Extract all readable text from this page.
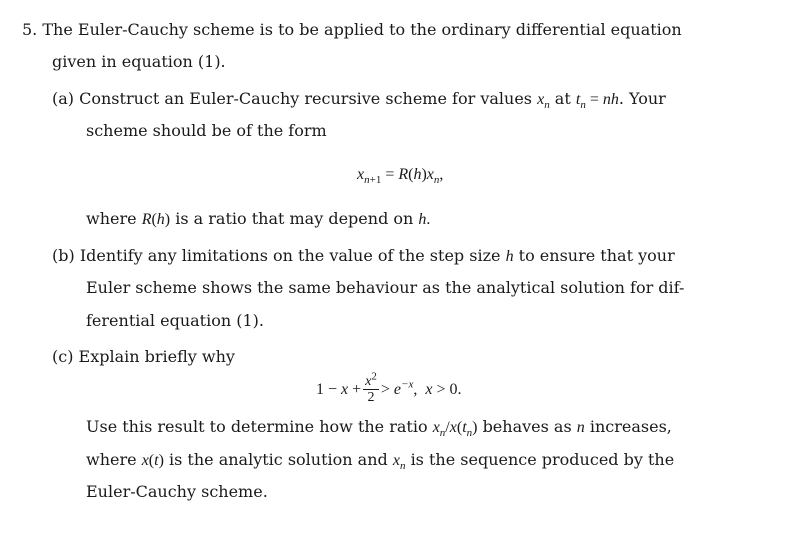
5. The Euler-Cauchy scheme is to be applied to the ordinary differential equation
given in equation (1).
(a) Construct an Euler-Cauchy recursive scheme for values $x_n$ at $t_n$ = nh. Your
scheme should be of the form
$x_{n+1} = R(h)x_n$,
where R(h) is a ratio that may depend on h.
(b) Identify any limitations on the value of the step size h to ensure that your
Euler scheme shows the same behaviour as the analytical solution for dif-
ferential equation (1).
(c) Explain briefly why
$1 - x + \frac{x^2}{2} > e^{-x}$,  x > 0.
Use this result to determine how the ratio $x_n/x(t_n)$ behaves as n increases,
where x(t) is the analytic solution and $x_n$ is the sequence produced by the
Euler-Cauchy scheme.
